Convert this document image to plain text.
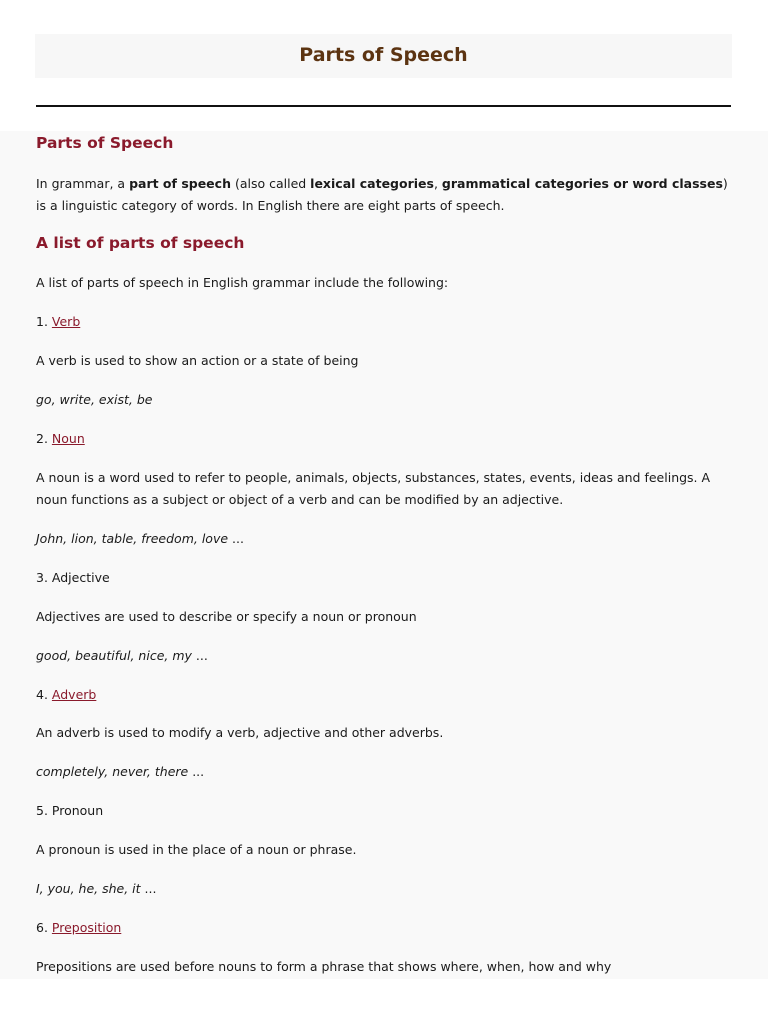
Parts of Speech
Parts of Speech
In grammar, a part of speech (also called lexical categories, grammatical categories or word classes) is a linguistic category of words. In English there are eight parts of speech.
A list of parts of speech
A list of parts of speech in English grammar include the following:
1. Verb
A verb is used to show an action or a state of being
go, write, exist, be
2. Noun
A noun is a word used to refer to people, animals, objects, substances, states, events, ideas and feelings. A noun functions as a subject or object of a verb and can be modified by an adjective.
John, lion, table, freedom, love ...
3. Adjective
Adjectives are used to describe or specify a noun or pronoun
good, beautiful, nice, my ...
4. Adverb
An adverb is used to modify a verb, adjective and other adverbs.
completely, never, there ...
5. Pronoun
A pronoun is used in the place of a noun or phrase.
I, you, he, she, it ...
6. Preposition
Prepositions are used before nouns to form a phrase that shows where, when, how and why
